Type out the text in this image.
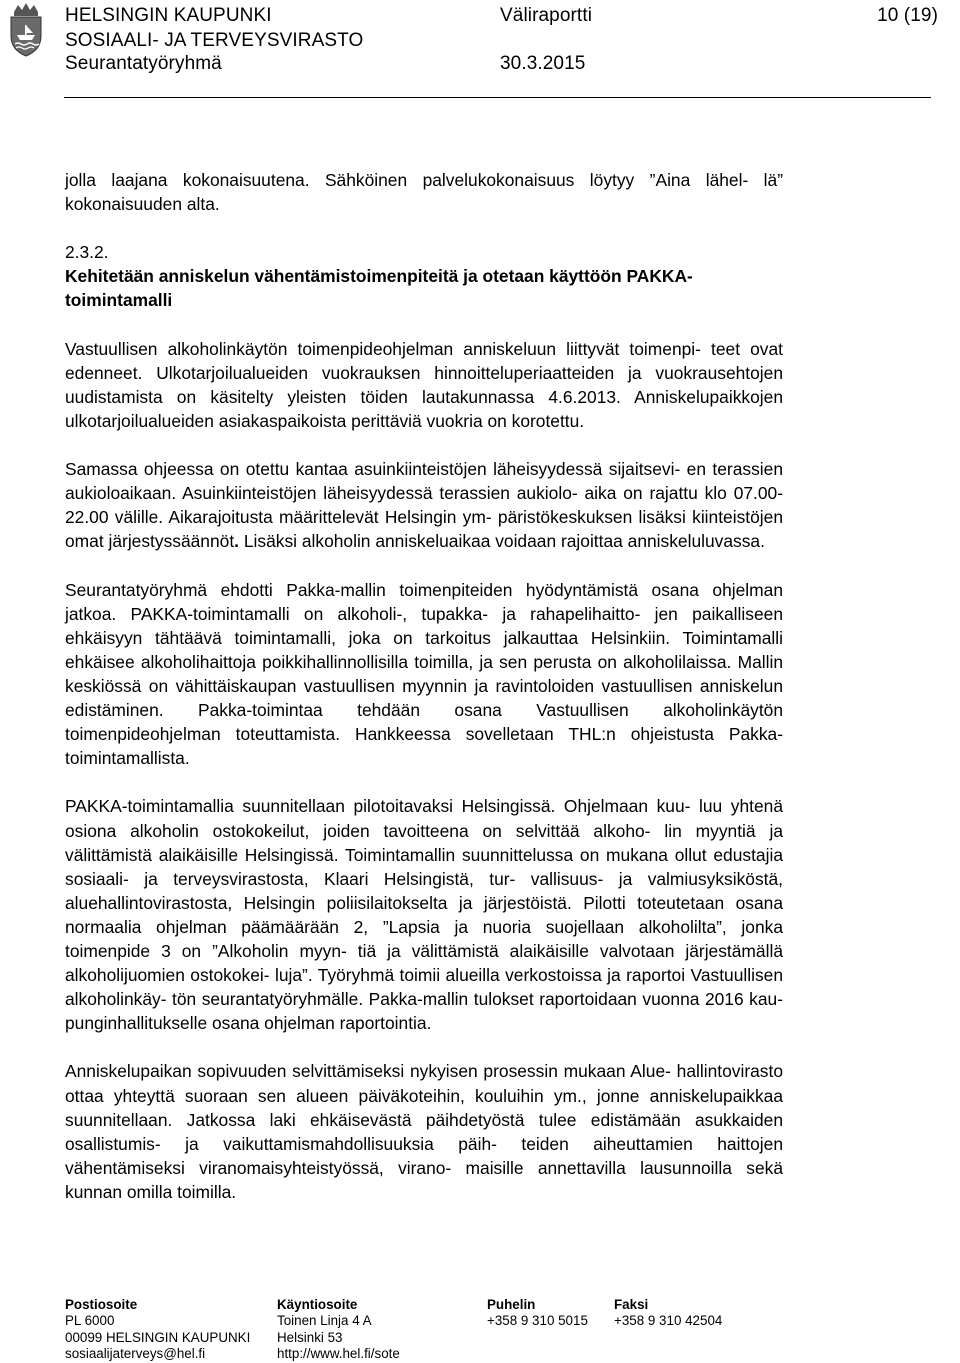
HELSINGIN KAUPUNKI
SOSIAALI- JA TERVEYSVIRASTO
Seurantatyöryhmä
Väliraportti
30.3.2015
10 (19)

jolla laajana kokonaisuutena. Sähköinen palvelukokonaisuus löytyy ”Aina lähel- lä” kokonaisuuden alta.

2.3.2.
Kehitetään anniskelun vähentämistoimenpiteitä ja otetaan käyttöön PAKKA-toimintamalli

Vastuullisen alkoholinkäytön toimenpideohjelman anniskeluun liittyvät toimenpi- teet ovat edenneet. Ulkotarjoilualueiden vuokrauksen hinnoitteluperiaatteiden ja vuokrausehtojen uudistamista on käsitelty yleisten töiden lautakunnassa 4.6.2013. Anniskelupaikkojen ulkotarjoilualueiden asiakaspaikoista perittäviä vuokria on korotettu.

Samassa ohjeessa on otettu kantaa asuinkiinteistöjen läheisyydessä sijaitsevi- en terassien aukioloaikaan. Asuinkiinteistöjen läheisyydessä terassien aukiolo- aika on rajattu klo 07.00-22.00 välille. Aikarajoitusta määrittelevät Helsingin ym- päristökeskuksen lisäksi kiinteistöjen omat järjestyssäännöt. Lisäksi alkoholin anniskeluaikaa voidaan rajoittaa anniskeluluvassa.

Seurantatyöryhmä ehdotti Pakka-mallin toimenpiteiden hyödyntämistä osana ohjelman jatkoa. PAKKA-toimintamalli on alkoholi-, tupakka- ja rahapelihaitto- jen paikalliseen ehkäisyyn tähtäävä toimintamalli, joka on tarkoitus jalkauttaa Helsinkiin. Toimintamalli ehkäisee alkoholihaittoja poikkihallinnollisilla toimilla, ja sen perusta on alkoholilaissa. Mallin keskiössä on vähittäiskaupan vastuullisen myynnin ja ravintoloiden vastuullisen anniskelun edistäminen. Pakka-toimintaa tehdään osana Vastuullisen alkoholinkäytön toimenpideohjelman toteuttamista. Hankkeessa sovelletaan THL:n ohjeistusta Pakka-toimintamallista.

PAKKA-toimintamallia suunnitellaan pilotoitavaksi Helsingissä. Ohjelmaan kuu- luu yhtenä osiona alkoholin ostokokeilut, joiden tavoitteena on selvittää alkoho- lin myyntiä ja välittämistä alaikäisille Helsingissä. Toimintamallin suunnittelussa on mukana ollut edustajia sosiaali- ja terveysvirastosta, Klaari Helsingistä, tur- vallisuus- ja valmiusyksiköstä, aluehallintovirastosta, Helsingin poliisilaitokselta ja järjestöistä. Pilotti toteutetaan osana normaalia ohjelman päämäärään 2, ”Lapsia ja nuoria suojellaan alkoholilta”, jonka toimenpide 3 on ”Alkoholin myyn- tiä ja välittämistä alaikäisille valvotaan järjestämällä alkoholijuomien ostokokei- luja”. Työryhmä toimii alueilla verkostoissa ja raportoi Vastuullisen alkoholinkäy- tön seurantatyöryhmälle. Pakka-mallin tulokset raportoidaan vuonna 2016 kau- punginhallitukselle osana ohjelman raportointia.

Anniskelupaikan sopivuuden selvittämiseksi nykyisen prosessin mukaan Alue- hallintovirasto ottaa yhteyttä suoraan sen alueen päiväkoteihin, kouluihin ym., jonne anniskelupaikkaa suunnitellaan. Jatkossa laki ehkäisevästä päihdetyöstä tulee edistämään asukkaiden osallistumis- ja vaikuttamismahdollisuuksia päih- teiden aiheuttamien haittojen vähentämiseksi viranomaisyhteistyössä, virano- maisille annettavilla lausunnoilla sekä kunnan omilla toimilla.

Postiosoite
PL 6000
00099 HELSINGIN KAUPUNKI
sosiaalijaterveys@hel.fi
Käyntiosoite
Toinen Linja 4 A
Helsinki 53
http://www.hel.fi/sote
Puhelin
+358 9 310 5015
Faksi
+358 9 310 42504
